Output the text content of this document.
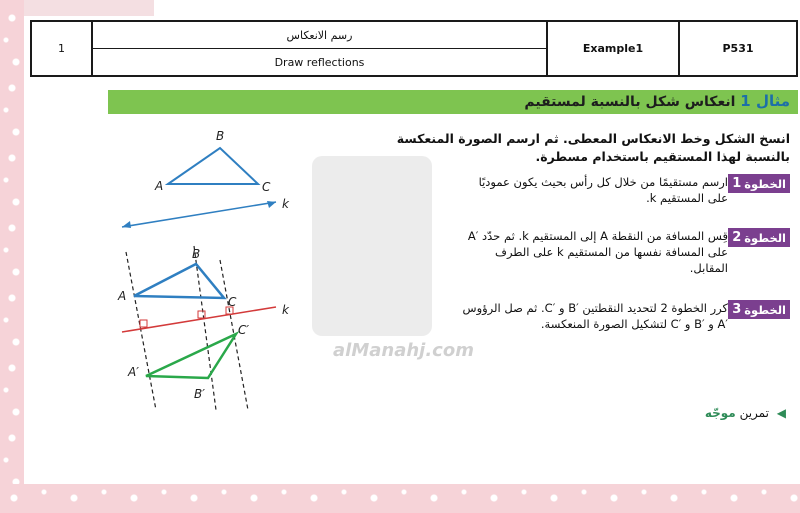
1
رسم الانعكاس
Draw reflections
Example1	P531
مثال 1 انعكاس شكل بالنسبة لمستقيم
alManahj.com
انسخ الشكل وخط الانعكاس المعطى. ثم ارسم الصورة المنعكسة بالنسبة لهذا المستقيم باستخدام مسطرة.
الخطوة
1
ارسم مستقيمًا من خلال كل رأس بحيث يكون عموديًا على المستقيم k.
الخطوة
2
قِس المسافة من النقطة A إلى المستقيم k. ثم حدّد ′A على المسافة نفسها من المستقيم k على الطرف المقابل.
الخطوة
3
كرر الخطوة 2 لتحديد النقطتين ′B و ′C. ثم صل الرؤوس ′A و ′B و ′C لتشكيل الصورة المنعكسة.
◀ تمرين موجّه
A
B
C
k
A
B
C
k
A′
B′
C′
